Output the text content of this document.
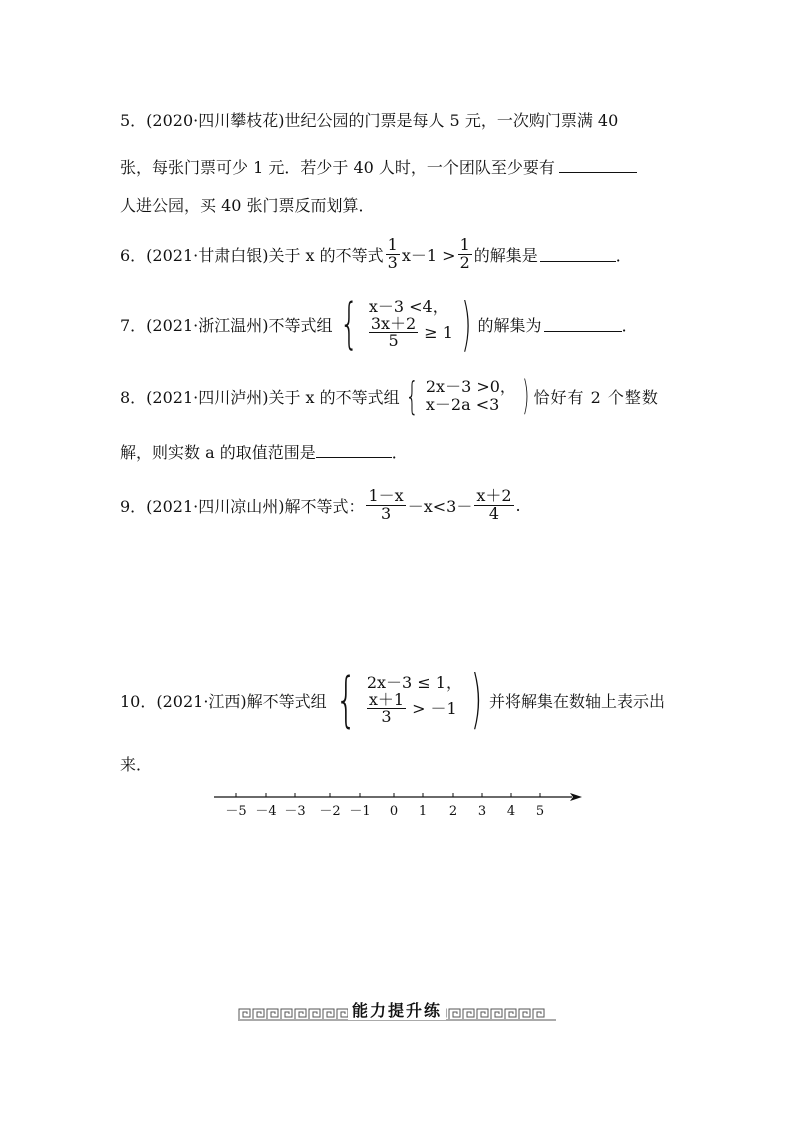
5．(2020·四川攀枝花)世纪公园的门票是每人 5 元，一次购门票满 40
张，每张门票可少 1 元．若少于 40 人时，一个团队至少要有
人进公园，买 40 张门票反而划算．
6．(2021·甘肃白银)关于 x 的不等式 $\frac{1}{3} x-1 > \frac{1}{2}$ 的解集是	．
7．(2021·浙江温州)不等式组 { x－3 <4，
$\frac{3x+2}{5} \ge 1$ ) 的解集为	．
8．(2021·四川泸州)关于 x 的不等式组 { 2x－3 >0，
x－2a <3 ) 恰好有 2 个整数
解，则实数 a 的取值范围是	．
9．(2021·四川凉山州)解不等式： $\frac{1-x}{3} -x<3- \frac{x+2}{4}$ .
10．(2021·江西)解不等式组 { 2x－3 ≤ 1，
$\frac{x+1}{3} > -1$ ) 并将解集在数轴上表示出
来．
－5 －4 －3 －2 －1 0 1 2 3 4 5
能力提升练
